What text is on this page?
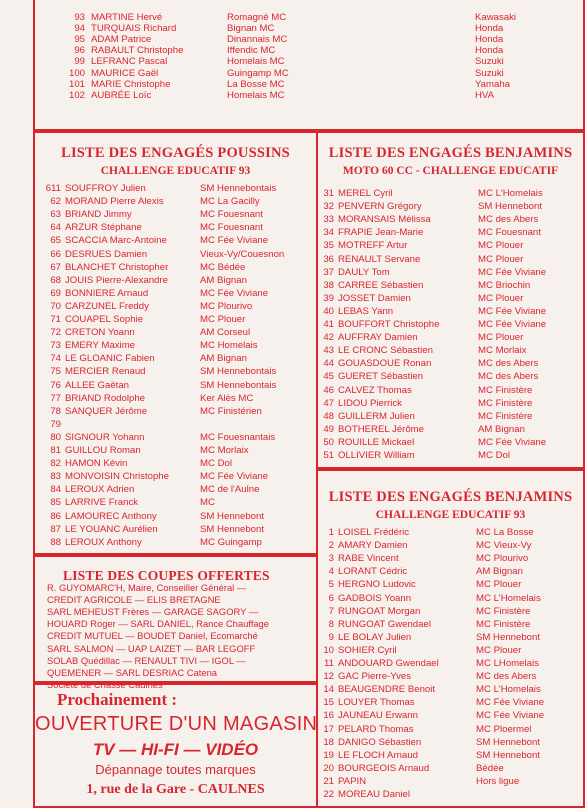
93 MARTINE Hervé	Romagné MC	Kawasaki
94 TURQUAIS Richard	Bignan MC	Honda
95 ADAM Patrice	Dinannais MC	Honda
96 RABAULT Christophe	Iffendic MC	Honda
99 LEFRANC Pascal	Homelais MC	Suzuki
100 MAURICE Gaël	Guingamp MC	Suzuki
101 MARIE Christophe	La Bosse MC	Yamaha
102 AUBRÉE Loïc	Homelais MC	HVA
LISTE DES ENGAGÉS POUSSINS
CHALLENGE EDUCATIF 93
611 SOUFFROY Julien	SM Hennebontais
62 MORAND Pierre Alexis	MC La Gacilly
63 BRIAND Jimmy	MC Fouesnant
64 ARZUR Stéphane	MC Fouesnant
65 SCACCIA Marc-Antoine	MC Fée Viviane
66 DESRUES Damien	Vieux-Vy/Couesnon
67 BLANCHET Christopher	MC Bédée
68 JOUIS Pierre-Alexandre	AM Bignan
69 BONNIERE Arnaud	MC Fée Viviane
70 CARZUNEL Freddy	MC Plourivo
71 COUAPEL Sophie	MC Plouer
72 CRETON Yoann	AM Corseul
73 EMERY Maxime	MC Homelais
74 LE GLOANIC Fabien	AM Bignan
75 MERCIER Renaud	SM Hennebontais
76 ALLEE Gaëtan	SM Hennebontais
77 BRIAND Rodolphe	Ker Alès MC
78 SANQUER Jérôme	MC Finistérien
79
80 SIGNOUR Yohann	MC Fouesnantais
81 GUILLOU Roman	MC Morlaix
82 HAMON Kévin	MC Dol
83 MONVOISIN Christophe	MC Fée Viviane
84 LEROUX Adrien	MC de l'Aulne
85 LARRIVE Franck	MC
86 LAMOUREC Anthony	SM Hennebont
87 LE YOUANC Aurélien	SM Hennebont
88 LEROUX Anthony	MC Guingamp
LISTE DES ENGAGÉS BENJAMINS
MOTO 60 CC - CHALLENGE EDUCATIF
31 MEREL Cyril	MC L'Homelais
32 PENVERN Grégory	SM Hennebont
33 MORANSAIS Mélissa	MC des Abers
34 FRAPIE Jean-Marie	MC Fouesnant
35 MOTREFF Artur	MC Plouer
36 RENAULT Servane	MC Plouer
37 DAULY Tom	MC Fée Viviane
38 CARREE Sébastien	MC Briochin
39 JOSSET Damien	MC Plouer
40 LEBAS Yann	MC Fée Viviane
41 BOUFFORT Christophe	MC Fée Viviane
42 AUFFRAY Damien	MC Plouer
43 LE CRONC Sébastien	MC Morlaix
44 GOUASDOUE Ronan	MC des Abers
45 GUERET Sébastien	MC des Abers
46 CALVEZ Thomas	MC Finistère
47 LIDOU Pierrick	MC Finistère
48 GUILLERM Julien	MC Finistère
49 BOTHEREL Jérôme	AM Bignan
50 ROUILLE Mickael	MC Fée Viviane
51 OLLIVIER William	MC Dol
LISTE DES ENGAGÉS BENJAMINS
CHALLENGE EDUCATIF 93
1 LOISEL Frédéric	MC La Bosse
2 AMARY Damien	MC Vieux-Vy
3 RABE Vincent	MC Plourivo
4 LORANT Cédric	AM Bignan
5 HERGNO Ludovic	MC Plouer
6 GADBOIS Yoann	MC L'Homelais
7 RUNGOAT Morgan	MC Finistère
8 RUNGOAT Gwendael	MC Finistère
9 LE BOLAY Julien	SM Hennebont
10 SOHIER Cyril	MC Plouer
11 ANDOUARD Gwendael	MC LHomelais
12 GAC Pierre-Yves	MC des Abers
14 BEAUGENDRE Benoit	MC L'Homelais
15 LOUYER Thomas	MC Fée Viviane
16 JAUNEAU Erwann	MC Fée Viviane
17 PELARD Thomas	MC Ploermel
18 DANIGO Sébastien	SM Hennebont
19 LE FLOCH Arnaud	SM Hennebont
20 BOURGEOIS Arnaud	Bédée
21 PAPIN	Hors ligue
22 MOREAU Daniel
LISTE DES COUPES OFFERTES
R. GUYOMARC'H, Maire, Conseiller Général —
CREDIT AGRICOLE — ELIS BRETAGNE
SARL MEHEUST Frères — GARAGE SAGORY —
HOUARD Roger — SARL DANIEL, Rance Chauffage
CREDIT MUTUEL — BOUDET Daniel, Ecomarché
SARL SALMON — UAP LAIZET — BAR LEGOFF
SOLAB Quédillac — RENAULT TIVI — IGOL —
QUEMENER — SARL DESRIAC Catena
Société de Chasse Caulnes
Prochainement :
OUVERTURE D'UN MAGASIN
TV — HI-FI — VIDÉO
Dépannage toutes marques
1, rue de la Gare - CAULNES
